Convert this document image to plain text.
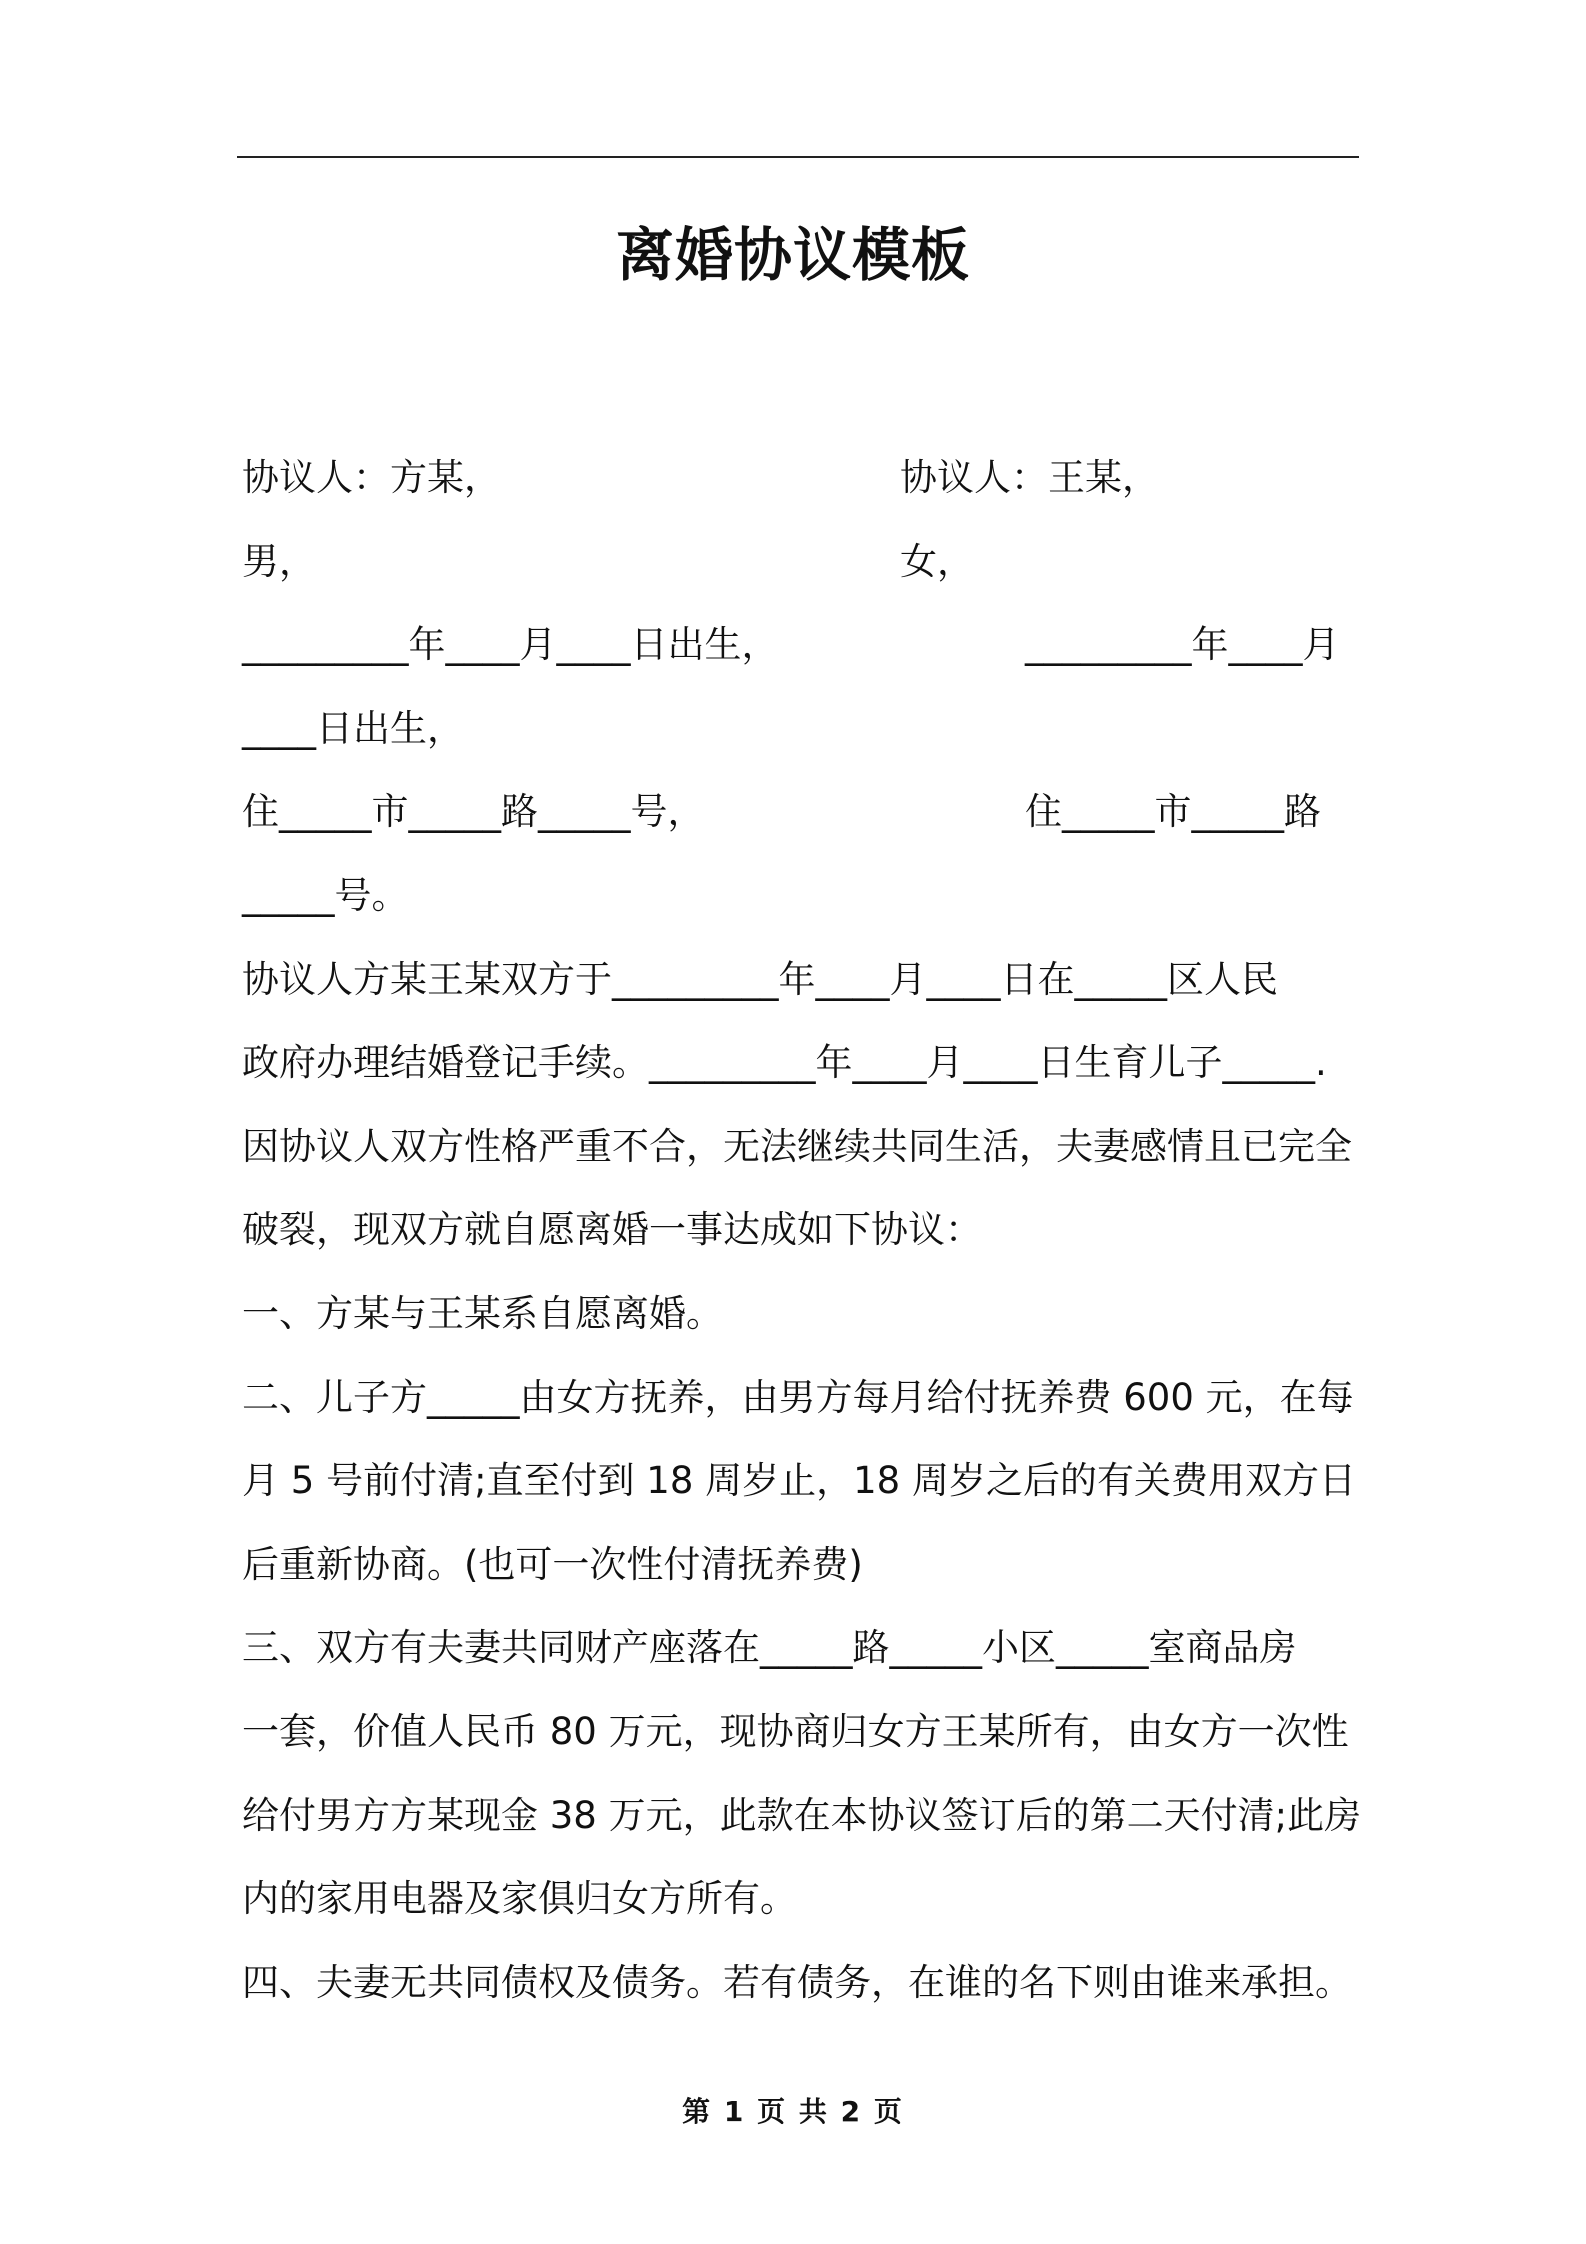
离婚协议模板
协议人：方某，	协议人：王某，
男，	女，
_________年____月____日出生，	_________年____月
____日出生，
住_____市_____路_____号，	住_____市_____路
_____号。
协议人方某王某双方于_________年____月____日在_____区人民
政府办理结婚登记手续。_________年____月____日生育儿子_____.
因协议人双方性格严重不合，无法继续共同生活，夫妻感情且已完全
破裂，现双方就自愿离婚一事达成如下协议：
一、方某与王某系自愿离婚。
二、儿子方_____由女方抚养，由男方每月给付抚养费 600 元，在每
月 5 号前付清;直至付到 18 周岁止，18 周岁之后的有关费用双方日
后重新协商。(也可一次性付清抚养费)
三、双方有夫妻共同财产座落在_____路_____小区_____室商品房
一套，价值人民币 80 万元，现协商归女方王某所有，由女方一次性
给付男方方某现金 38 万元，此款在本协议签订后的第二天付清;此房
内的家用电器及家俱归女方所有。
四、夫妻无共同债权及债务。若有债务，在谁的名下则由谁来承担。
第 1 页 共 2 页
